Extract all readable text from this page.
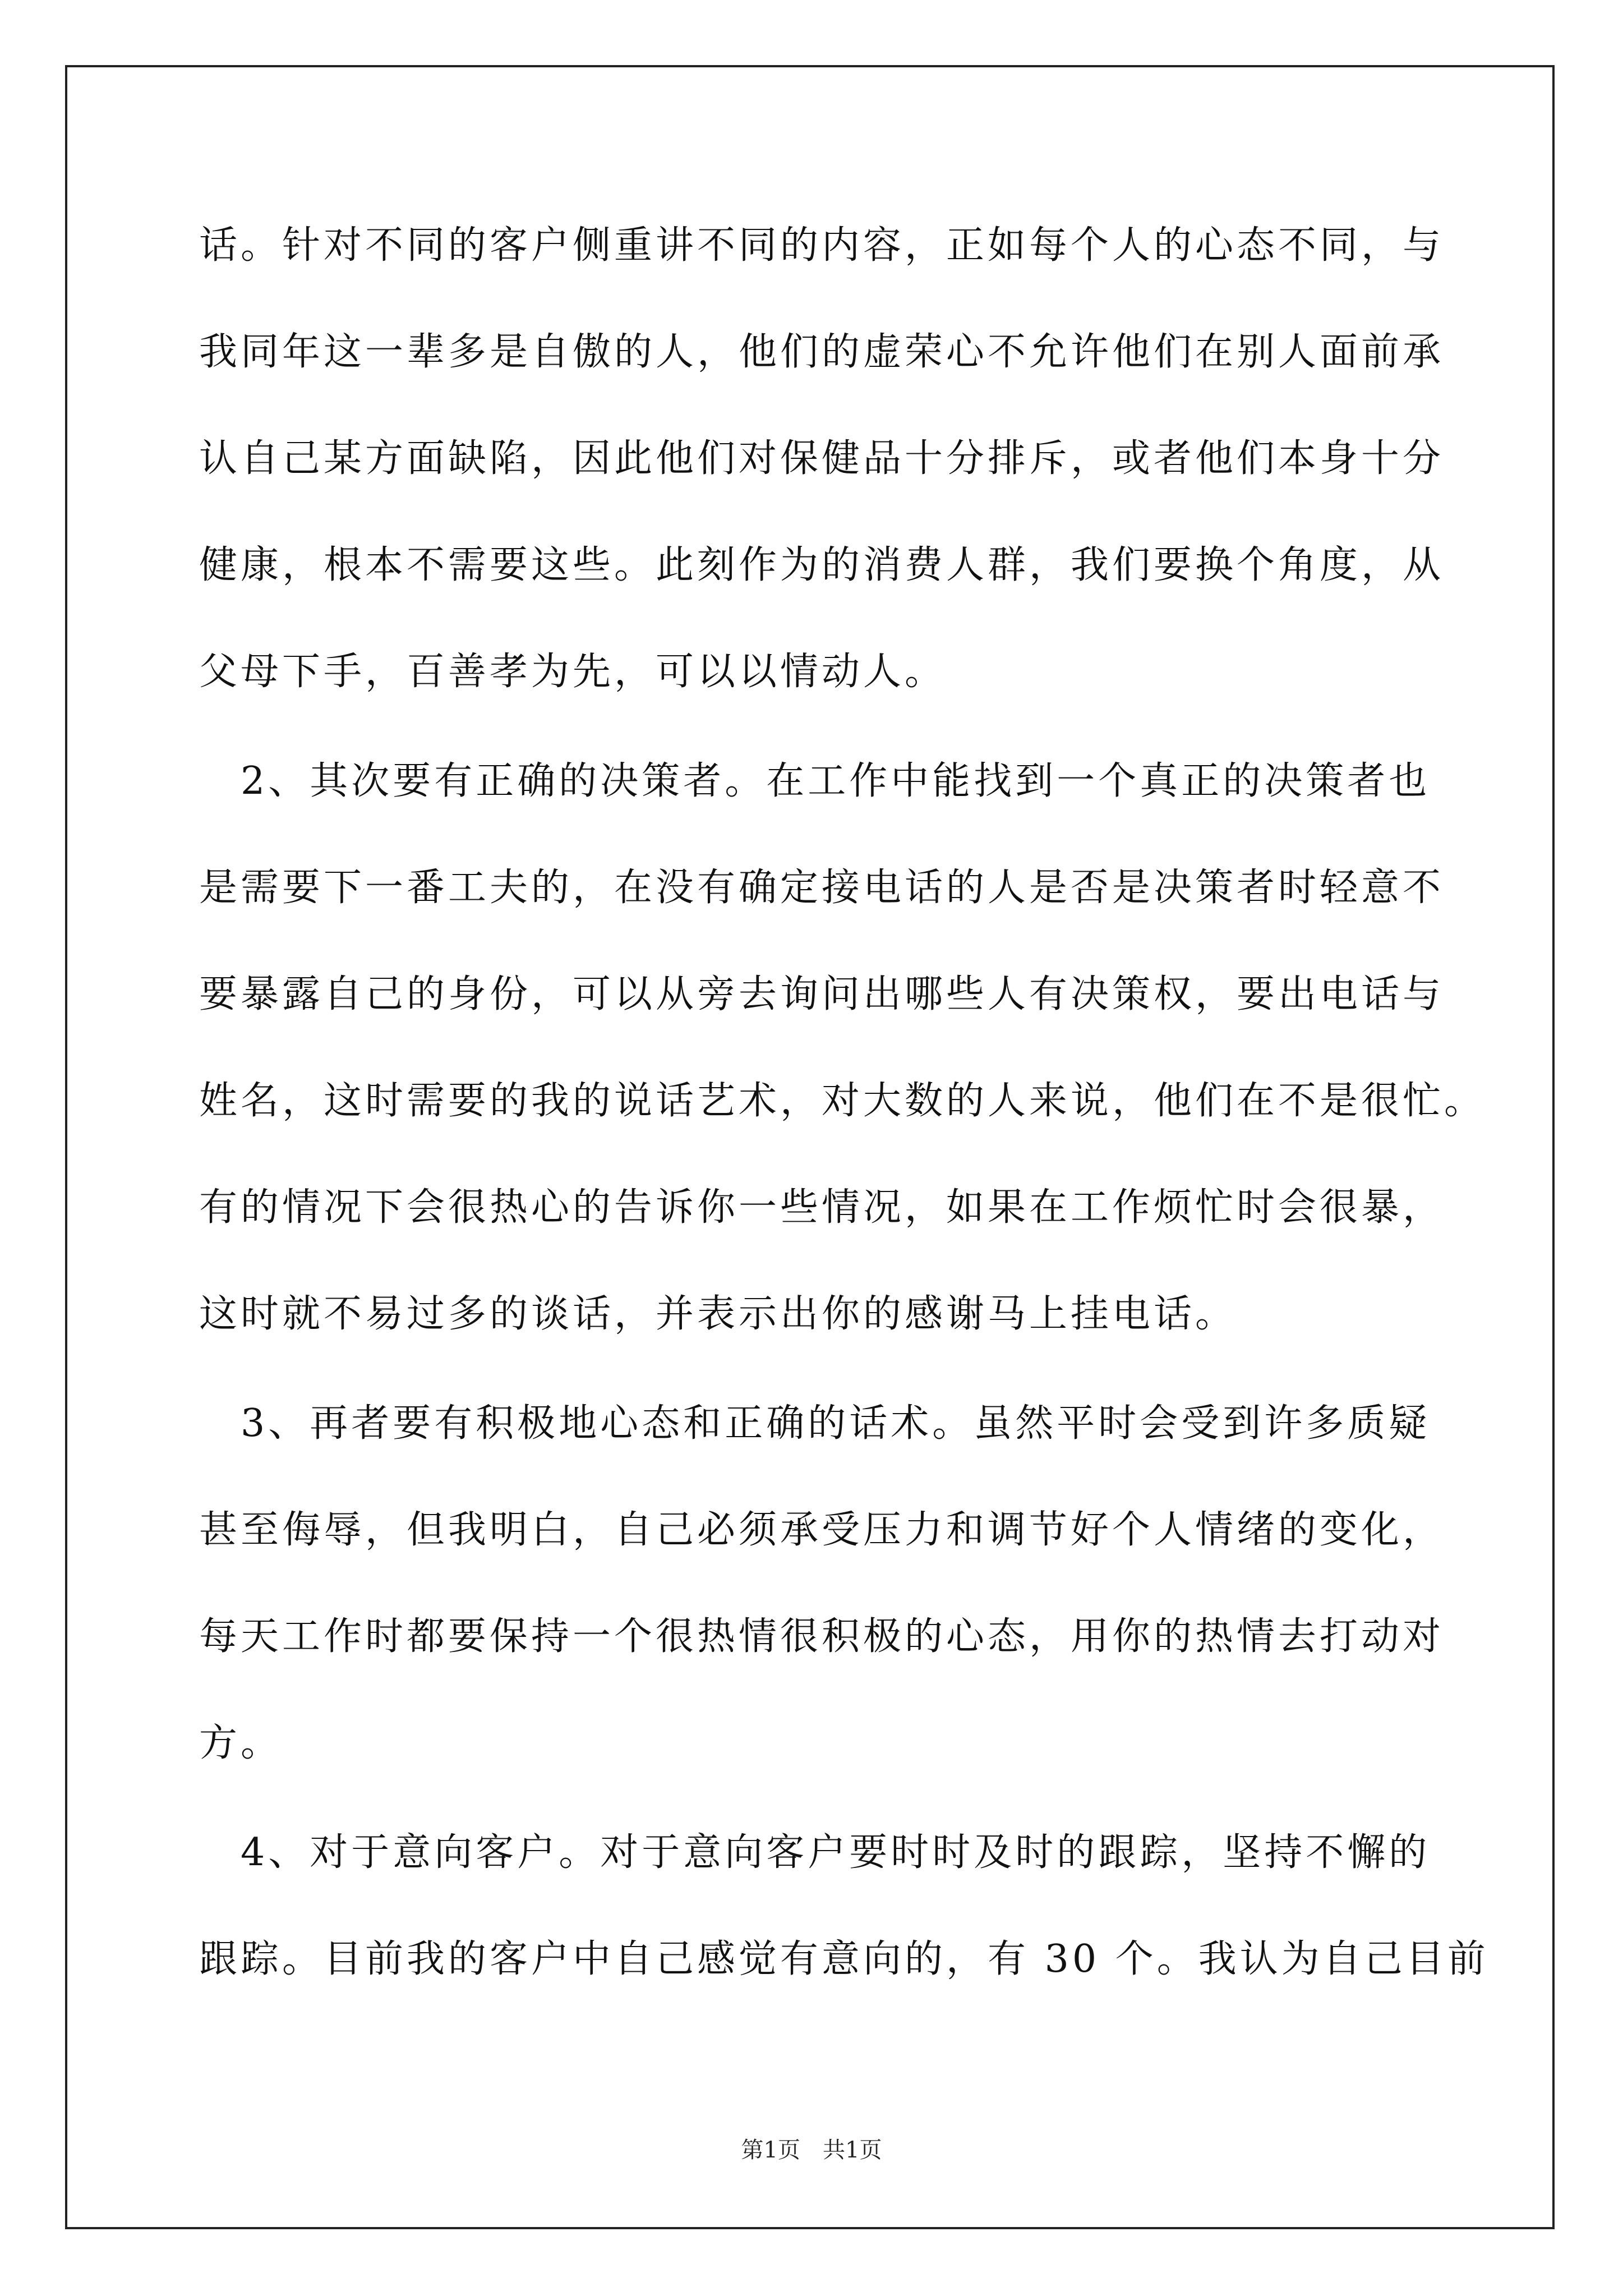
话。针对不同的客户侧重讲不同的内容，正如每个人的心态不同，与
我同年这一辈多是自傲的人，他们的虚荣心不允许他们在别人面前承
认自己某方面缺陷，因此他们对保健品十分排斥，或者他们本身十分
健康，根本不需要这些。此刻作为的消费人群，我们要换个角度，从
父母下手，百善孝为先，可以以情动人。
　2、其次要有正确的决策者。在工作中能找到一个真正的决策者也
是需要下一番工夫的，在没有确定接电话的人是否是决策者时轻意不
要暴露自己的身份，可以从旁去询问出哪些人有决策权，要出电话与
姓名，这时需要的我的说话艺术，对大数的人来说，他们在不是很忙。
有的情况下会很热心的告诉你一些情况，如果在工作烦忙时会很暴，
这时就不易过多的谈话，并表示出你的感谢马上挂电话。
　3、再者要有积极地心态和正确的话术。虽然平时会受到许多质疑
甚至侮辱，但我明白，自己必须承受压力和调节好个人情绪的变化，
每天工作时都要保持一个很热情很积极的心态，用你的热情去打动对
方。
　4、对于意向客户。对于意向客户要时时及时的跟踪，坚持不懈的
跟踪。目前我的客户中自己感觉有意向的，有 30 个。我认为自己目前
第1页　共1页
